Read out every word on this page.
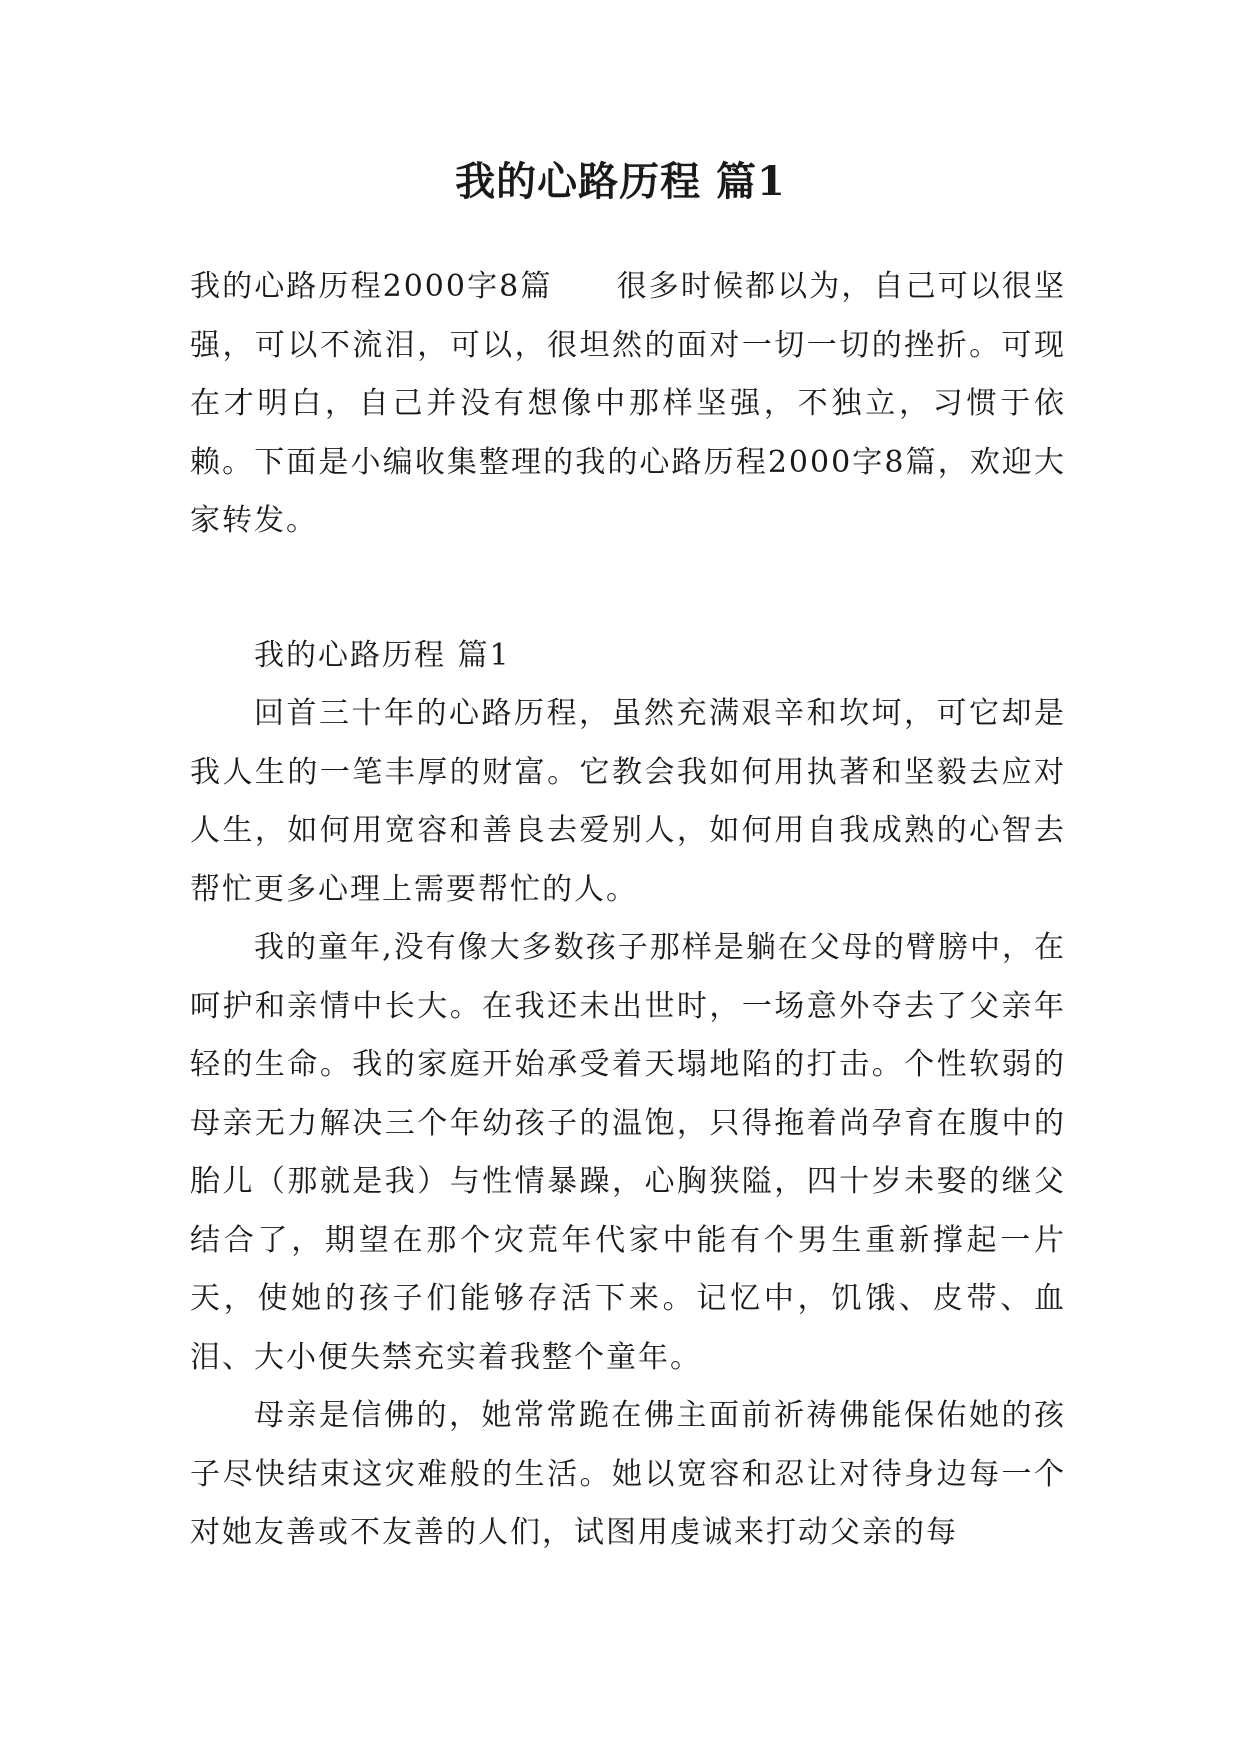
我的心路历程 篇1

我的心路历程2000字8篇　　很多时候都以为，自己可以很坚强，可以不流泪，可以，很坦然的面对一切一切的挫折。可现在才明白，自己并没有想像中那样坚强，不独立，习惯于依赖。下面是小编收集整理的我的心路历程2000字8篇，欢迎大家转发。

我的心路历程 篇1

回首三十年的心路历程，虽然充满艰辛和坎坷，可它却是我人生的一笔丰厚的财富。它教会我如何用执著和坚毅去应对人生，如何用宽容和善良去爱别人，如何用自我成熟的心智去帮忙更多心理上需要帮忙的人。

我的童年,没有像大多数孩子那样是躺在父母的臂膀中，在呵护和亲情中长大。在我还未出世时，一场意外夺去了父亲年轻的生命。我的家庭开始承受着天塌地陷的打击。个性软弱的母亲无力解决三个年幼孩子的温饱，只得拖着尚孕育在腹中的胎儿（那就是我）与性情暴躁，心胸狭隘，四十岁未娶的继父结合了，期望在那个灾荒年代家中能有个男生重新撑起一片天，使她的孩子们能够存活下来。记忆中，饥饿、皮带、血泪、大小便失禁充实着我整个童年。

母亲是信佛的，她常常跪在佛主面前祈祷佛能保佑她的孩子尽快结束这灾难般的生活。她以宽容和忍让对待身边每一个对她友善或不友善的人们，试图用虔诚来打动父亲的每
